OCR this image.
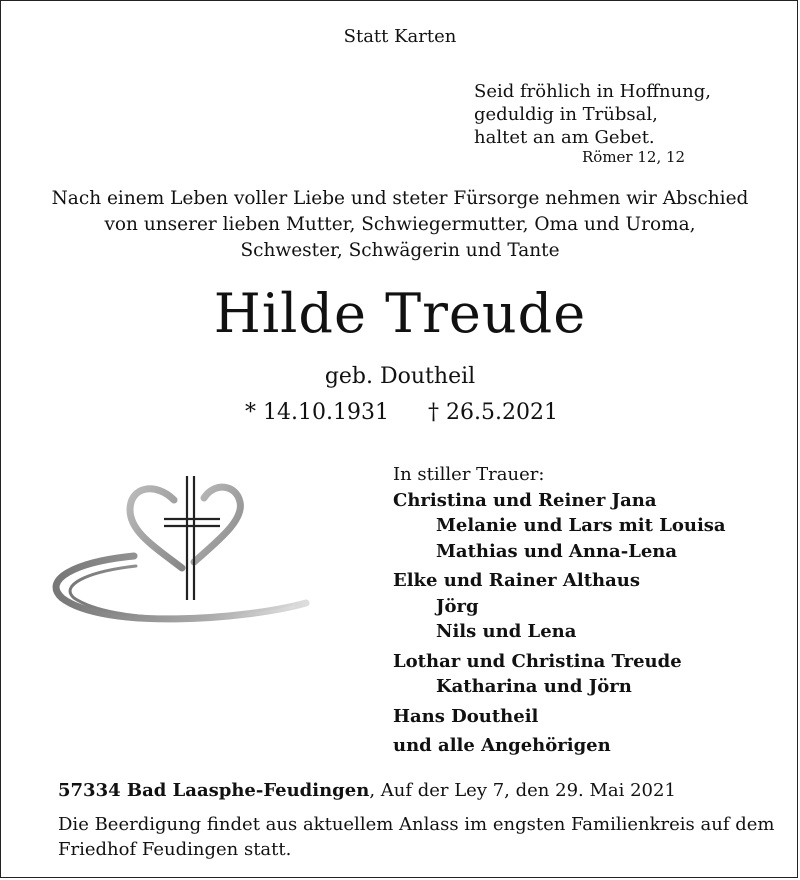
Statt Karten
Seid fröhlich in Hoffnung,
geduldig in Trübsal,
haltet an am Gebet.
Römer 12, 12
Nach einem Leben voller Liebe und steter Fürsorge nehmen wir Abschied
von unserer lieben Mutter, Schwiegermutter, Oma und Uroma,
Schwester, Schwägerin und Tante
Hilde Treude
geb. Doutheil
* 14.10.1931 † 26.5.2021
In stiller Trauer:
Christina und Reiner Jana
Melanie und Lars mit Louisa
Mathias und Anna-Lena
Elke und Rainer Althaus
Jörg
Nils und Lena
Lothar und Christina Treude
Katharina und Jörn
Hans Doutheil
und alle Angehörigen
57334 Bad Laasphe-Feudingen, Auf der Ley 7, den 29. Mai 2021
Die Beerdigung findet aus aktuellem Anlass im engsten Familienkreis auf dem
Friedhof Feudingen statt.
